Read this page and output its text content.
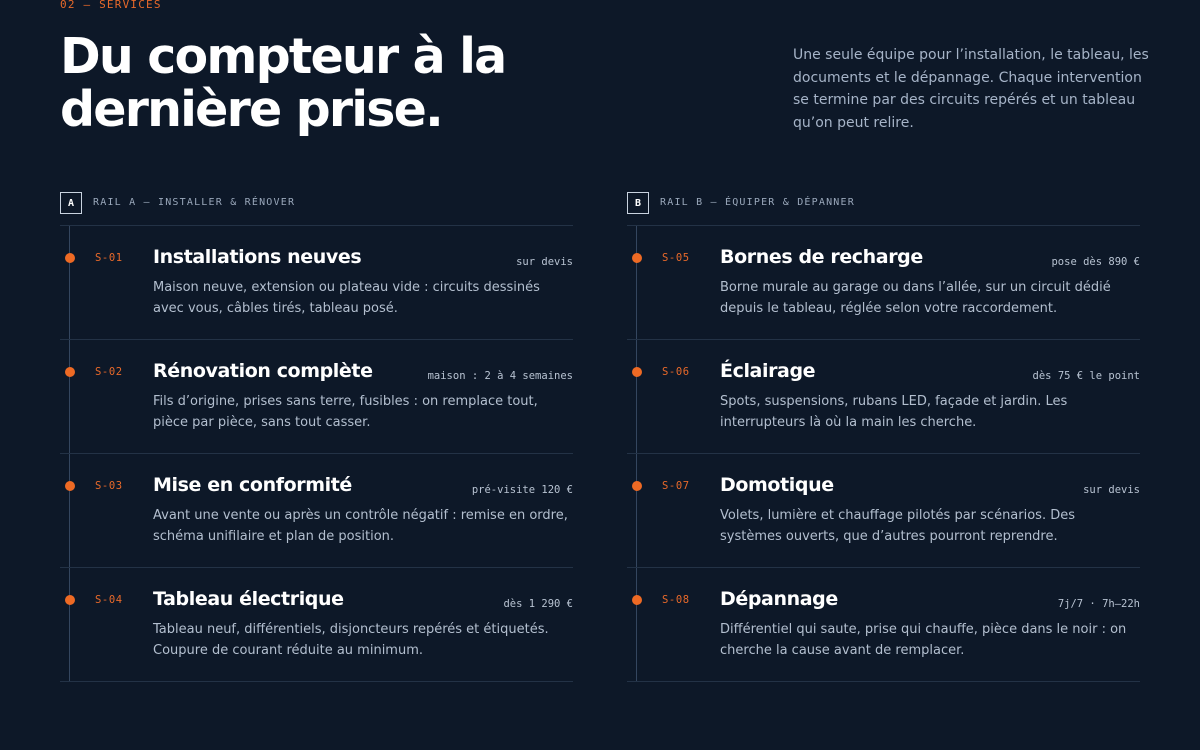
02 — SERVICES
Du compteur à la dernière prise.

Une seule équipe pour l’installation, le tableau, les documents et le dépannage. Chaque intervention se termine par des circuits repérés et un tableau qu’on peut relire.

A	RAIL A — INSTALLER & RÉNOVER
S-01 Installations neuves	sur devis

Maison neuve, extension ou plateau vide : circuits dessinés avec vous, câbles tirés, tableau posé.

S-02 Rénovation complète	maison : 2 à 4 semaines

Fils d’origine, prises sans terre, fusibles : on remplace tout, pièce par pièce, sans tout casser.

S-03 Mise en conformité	pré-visite 120 €

Avant une vente ou après un contrôle négatif : remise en ordre, schéma unifilaire et plan de position.

S-04 Tableau électrique	dès 1 290 €

Tableau neuf, différentiels, disjoncteurs repérés et étiquetés. Coupure de courant réduite au minimum.

B	RAIL B — ÉQUIPER & DÉPANNER
S-05 Bornes de recharge	pose dès 890 €

Borne murale au garage ou dans l’allée, sur un circuit dédié depuis le tableau, réglée selon votre raccordement.

S-06 Éclairage	dès 75 € le point

Spots, suspensions, rubans LED, façade et jardin. Les interrupteurs là où la main les cherche.

S-07 Domotique	sur devis

Volets, lumière et chauffage pilotés par scénarios. Des systèmes ouverts, que d’autres pourront reprendre.

S-08 Dépannage	7j/7 · 7h–22h

Différentiel qui saute, prise qui chauffe, pièce dans le noir : on cherche la cause avant de remplacer.
